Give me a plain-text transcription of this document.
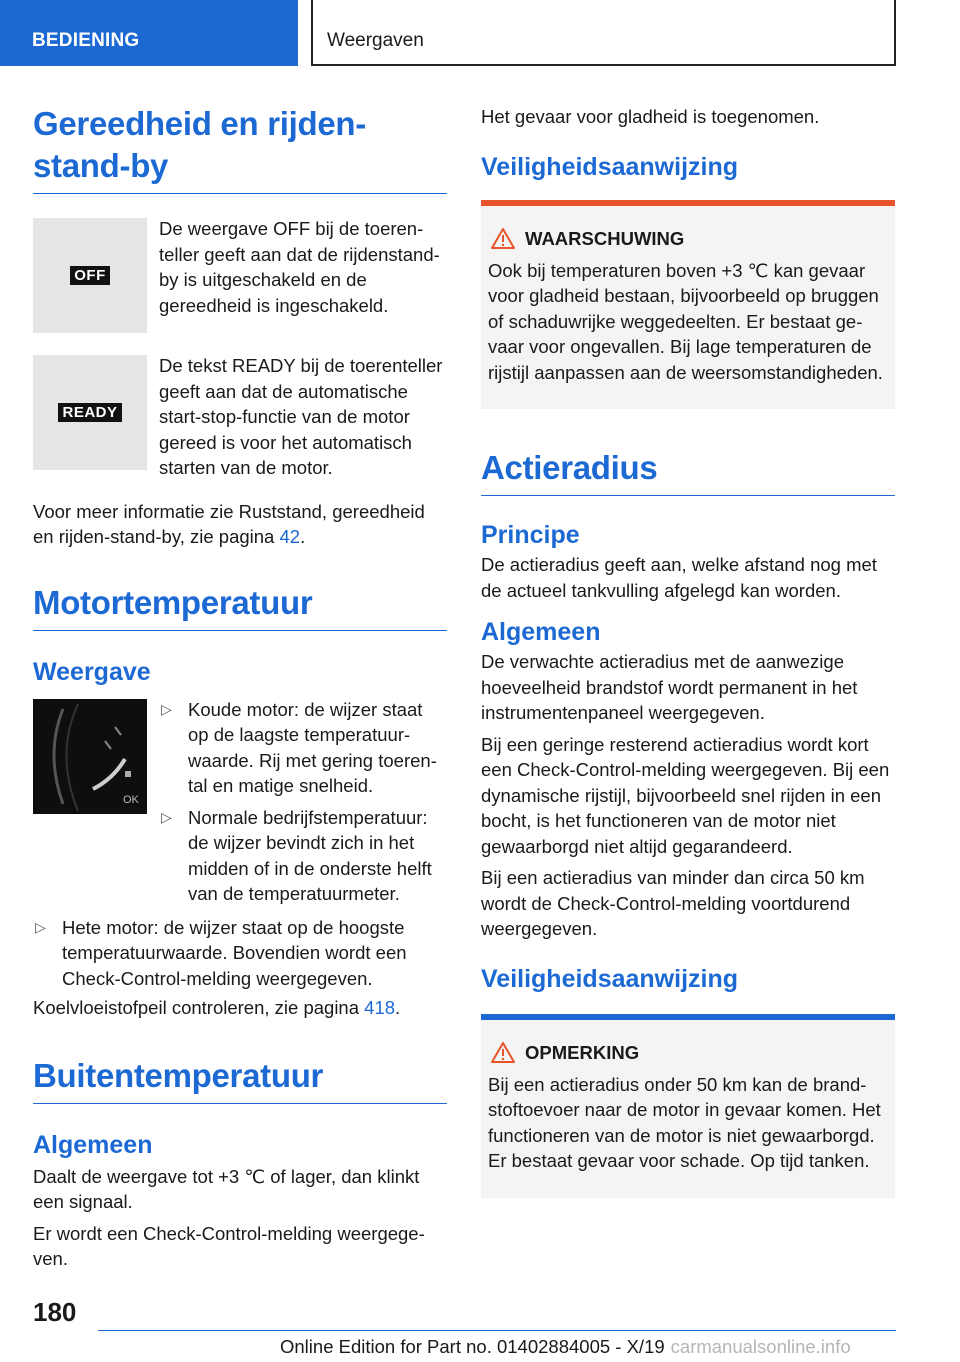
BEDIENING	Weergaven
Gereedheid en rijden-
stand-by
OFF

De weergave OFF bij de toerenteller geeft aan dat de rijdenstand-by is uitgeschakeld en de gereedheid is ingeschakeld.

READY

De tekst READY bij de toerenteller geeft aan dat de automatische start-stop-functie van de motor gereed is voor het automatisch starten van de motor.

Voor meer informatie zie Ruststand, gereedheid en rijden-stand-by, zie pagina 42.

Motortemperatuur
Weergave
OK
▷ Koude motor: de wijzer staat op de laagste temperatuurwaarde. Rij met gering toerental en matige snelheid.
▷ Normale bedrijfstemperatuur: de wijzer bevindt zich in het midden of in de onderste helft van de temperatuurmeter.
▷ Hete motor: de wijzer staat op de hoogste temperatuurwaarde. Bovendien wordt een Check-Control-melding weergegeven.

Koelvloeistofpeil controleren, zie pagina 418.

Buitentemperatuur
Algemeen

Daalt de weergave tot +3 ℃ of lager, dan klinkt een signaal.

Er wordt een Check-Control-melding weergegeven.

Het gevaar voor gladheid is toegenomen.

Veiligheidsaanwijzing
WAARSCHUWING

Ook bij temperaturen boven +3 ℃ kan gevaar voor gladheid bestaan, bijvoorbeeld op bruggen of schaduwrijke weggedeelten. Er bestaat gevaar voor ongevallen. Bij lage temperaturen de rijstijl aanpassen aan de weersomstandigheden.

Actieradius
Principe

De actieradius geeft aan, welke afstand nog met de actueel tankvulling afgelegd kan worden.

Algemeen

De verwachte actieradius met de aanwezige hoeveelheid brandstof wordt permanent in het instrumentenpaneel weergegeven.

Bij een geringe resterend actieradius wordt kort een Check-Control-melding weergegeven. Bij een dynamische rijstijl, bijvoorbeeld snel rijden in een bocht, is het functioneren van de motor niet gewaarborgd niet altijd gegarandeerd.

Bij een actieradius van minder dan circa 50 km wordt de Check-Control-melding voortdurend weergegeven.

Veiligheidsaanwijzing
OPMERKING

Bij een actieradius onder 50 km kan de brandstoftoevoer naar de motor in gevaar komen. Het functioneren van de motor is niet gewaarborgd. Er bestaat gevaar voor schade. Op tijd tanken.

180
Online Edition for Part no. 01402884005 - X/19 carmanualsonline.info
